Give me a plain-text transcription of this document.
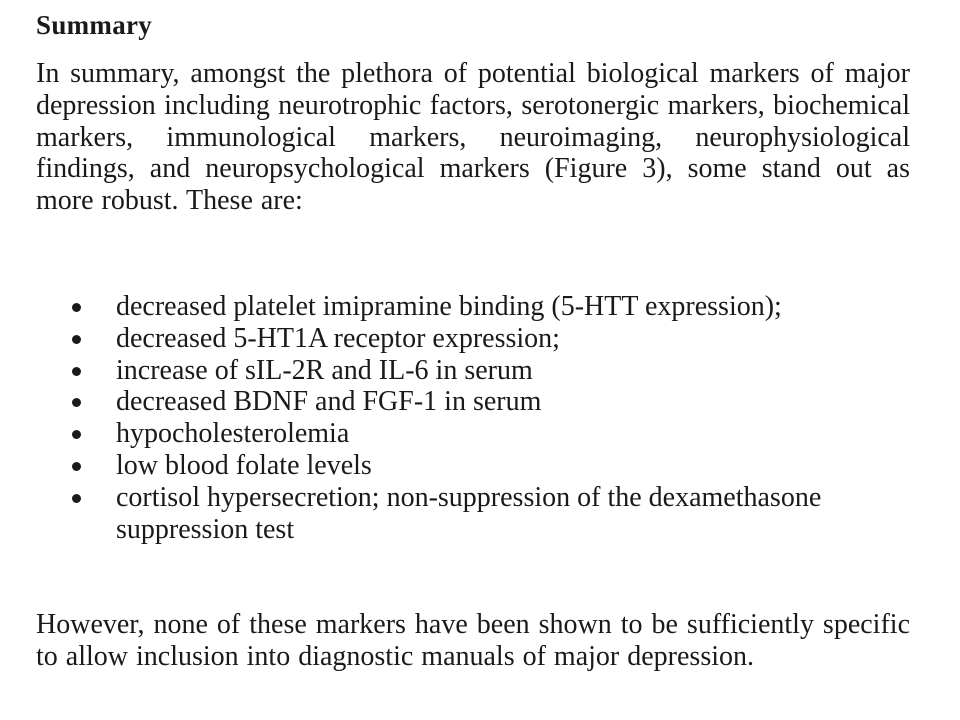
Summary
In summary, amongst the plethora of potential biological markers of major depression including neurotrophic factors, serotonergic markers, biochemical markers, immunological markers, neuroimaging, neurophysiological findings, and neuropsychological markers (Figure 3), some stand out as more robust. These are:
decreased platelet imipramine binding (5-HTT expression);
decreased 5-HT1A receptor expression;
increase of sIL-2R and IL-6 in serum
decreased BDNF and FGF-1 in serum
hypocholesterolemia
low blood folate levels
cortisol hypersecretion; non-suppression of the dexamethasone suppression test
However, none of these markers have been shown to be sufficiently specific to allow inclusion into diagnostic manuals of major depression.
